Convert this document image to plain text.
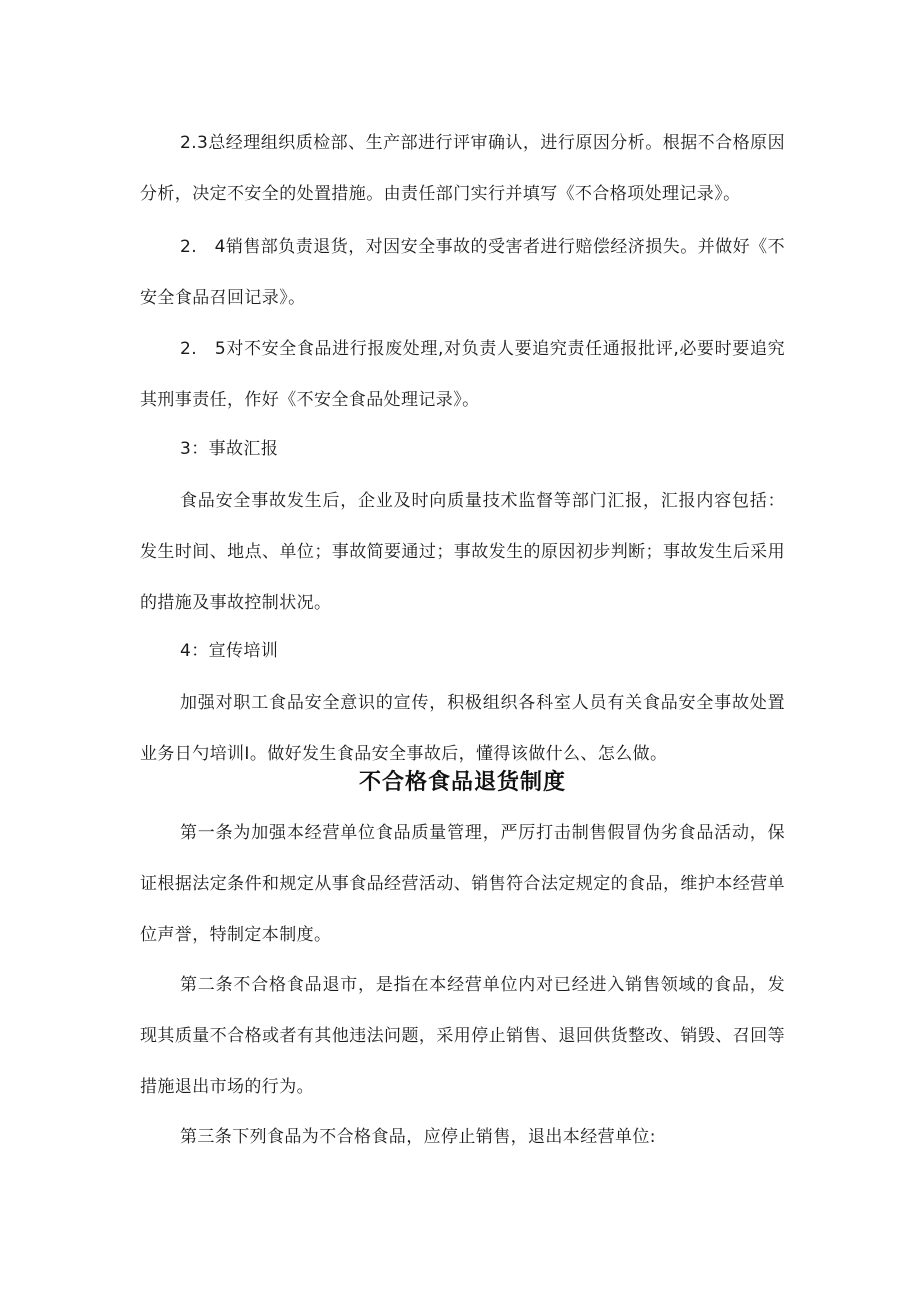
2.3总经理组织质检部、生产部进行评审确认，进行原因分析。根据不合格原因分析，决定不安全的处置措施。由责任部门实行并填写《不合格项处理记录》。

2.　4销售部负责退货，对因安全事故的受害者进行赔偿经济损失。并做好《不安全食品召回记录》。

2.　5对不安全食品进行报废处理,对负责人要追究责任通报批评,必要时要追究其刑事责任，作好《不安全食品处理记录》。

3：事故汇报

食品安全事故发生后，企业及时向质量技术监督等部门汇报，汇报内容包括：发生时间、地点、单位；事故简要通过；事故发生的原因初步判断；事故发生后采用的措施及事故控制状况。

4：宣传培训

加强对职工食品安全意识的宣传，积极组织各科室人员有关食品安全事故处置业务日勺培训I。做好发生食品安全事故后，懂得该做什么、怎么做。

不合格食品退货制度

第一条为加强本经营单位食品质量管理，严厉打击制售假冒伪劣食品活动，保证根据法定条件和规定从事食品经营活动、销售符合法定规定的食品，维护本经营单位声誉，特制定本制度。

第二条不合格食品退市，是指在本经营单位内对已经进入销售领域的食品，发现其质量不合格或者有其他违法问题，采用停止销售、退回供货整改、销毁、召回等措施退出市场的行为。

第三条下列食品为不合格食品，应停止销售，退出本经营单位:
